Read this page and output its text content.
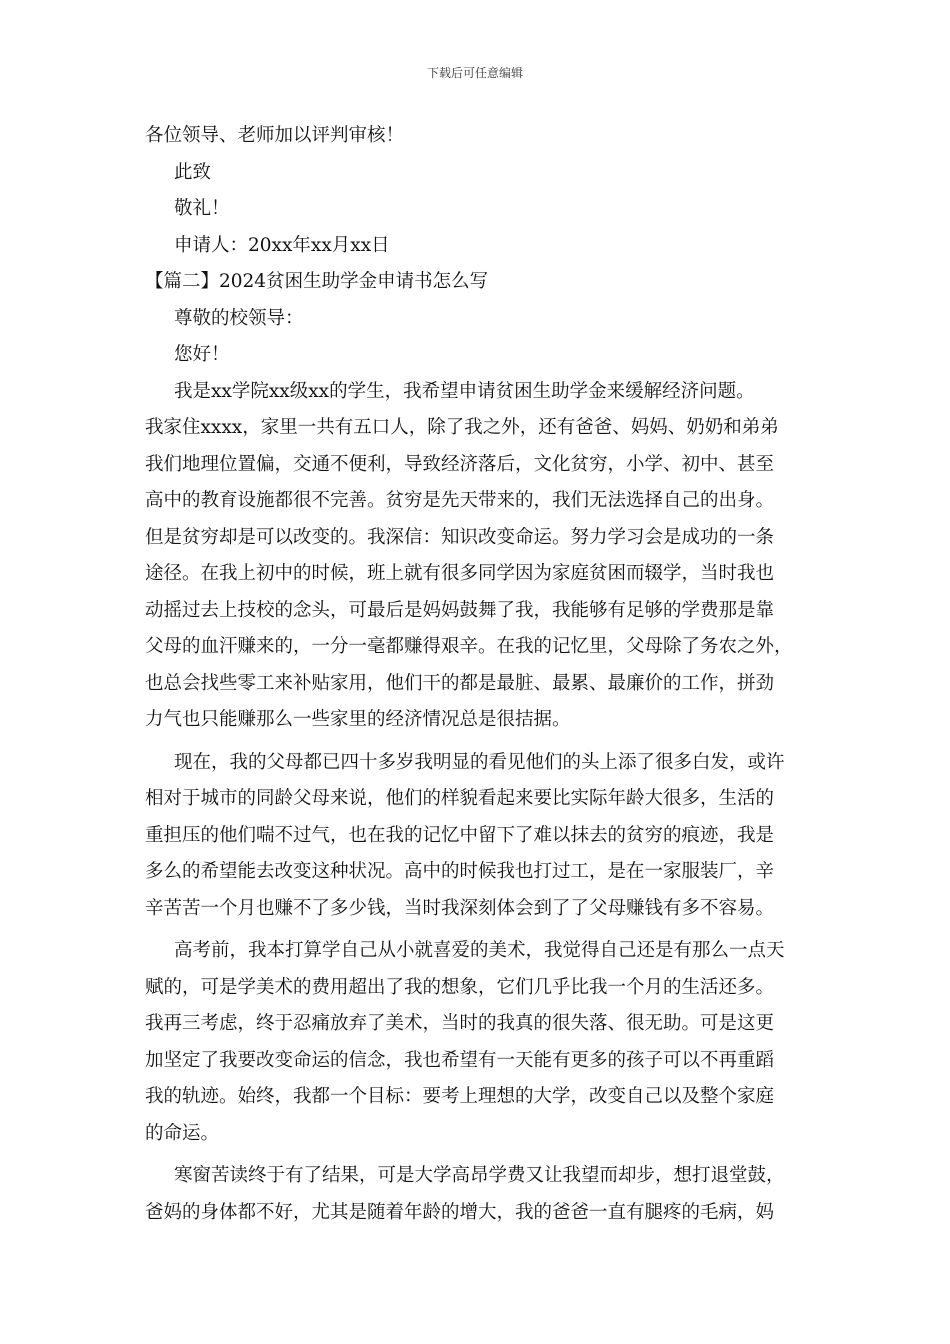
下载后可任意编辑
各位领导、老师加以评判审核！
此致
敬礼！
申请人：20xx年xx月xx日
【篇二】2024贫困生助学金申请书怎么写
尊敬的校领导：
您好！
我是xx学院xx级xx的学生，我希望申请贫困生助学金来缓解经济问题。
我家住xxxx，家里一共有五口人，除了我之外，还有爸爸、妈妈、奶奶和弟弟
我们地理位置偏，交通不便利，导致经济落后，文化贫穷，小学、初中、甚至
高中的教育设施都很不完善。贫穷是先天带来的，我们无法选择自己的出身。
但是贫穷却是可以改变的。我深信：知识改变命运。努力学习会是成功的一条
途径。在我上初中的时候，班上就有很多同学因为家庭贫困而辍学，当时我也
动摇过去上技校的念头，可最后是妈妈鼓舞了我，我能够有足够的学费那是靠
父母的血汗赚来的，一分一毫都赚得艰辛。在我的记忆里，父母除了务农之外，
也总会找些零工来补贴家用，他们干的都是最脏、最累、最廉价的工作，拼劲
力气也只能赚那么一些家里的经济情况总是很拮据。
现在，我的父母都已四十多岁我明显的看见他们的头上添了很多白发，或许
相对于城市的同龄父母来说，他们的样貌看起来要比实际年龄大很多，生活的
重担压的他们喘不过气，也在我的记忆中留下了难以抹去的贫穷的痕迹，我是
多么的希望能去改变这种状况。高中的时候我也打过工，是在一家服装厂，辛
辛苦苦一个月也赚不了多少钱，当时我深刻体会到了了父母赚钱有多不容易。
高考前，我本打算学自己从小就喜爱的美术，我觉得自己还是有那么一点天
赋的，可是学美术的费用超出了我的想象，它们几乎比我一个月的生活还多。
我再三考虑，终于忍痛放弃了美术，当时的我真的很失落、很无助。可是这更
加坚定了我要改变命运的信念，我也希望有一天能有更多的孩子可以不再重蹈
我的轨迹。始终，我都一个目标：要考上理想的大学，改变自己以及整个家庭
的命运。
寒窗苦读终于有了结果，可是大学高昂学费又让我望而却步，想打退堂鼓，
爸妈的身体都不好，尤其是随着年龄的增大，我的爸爸一直有腿疼的毛病，妈
